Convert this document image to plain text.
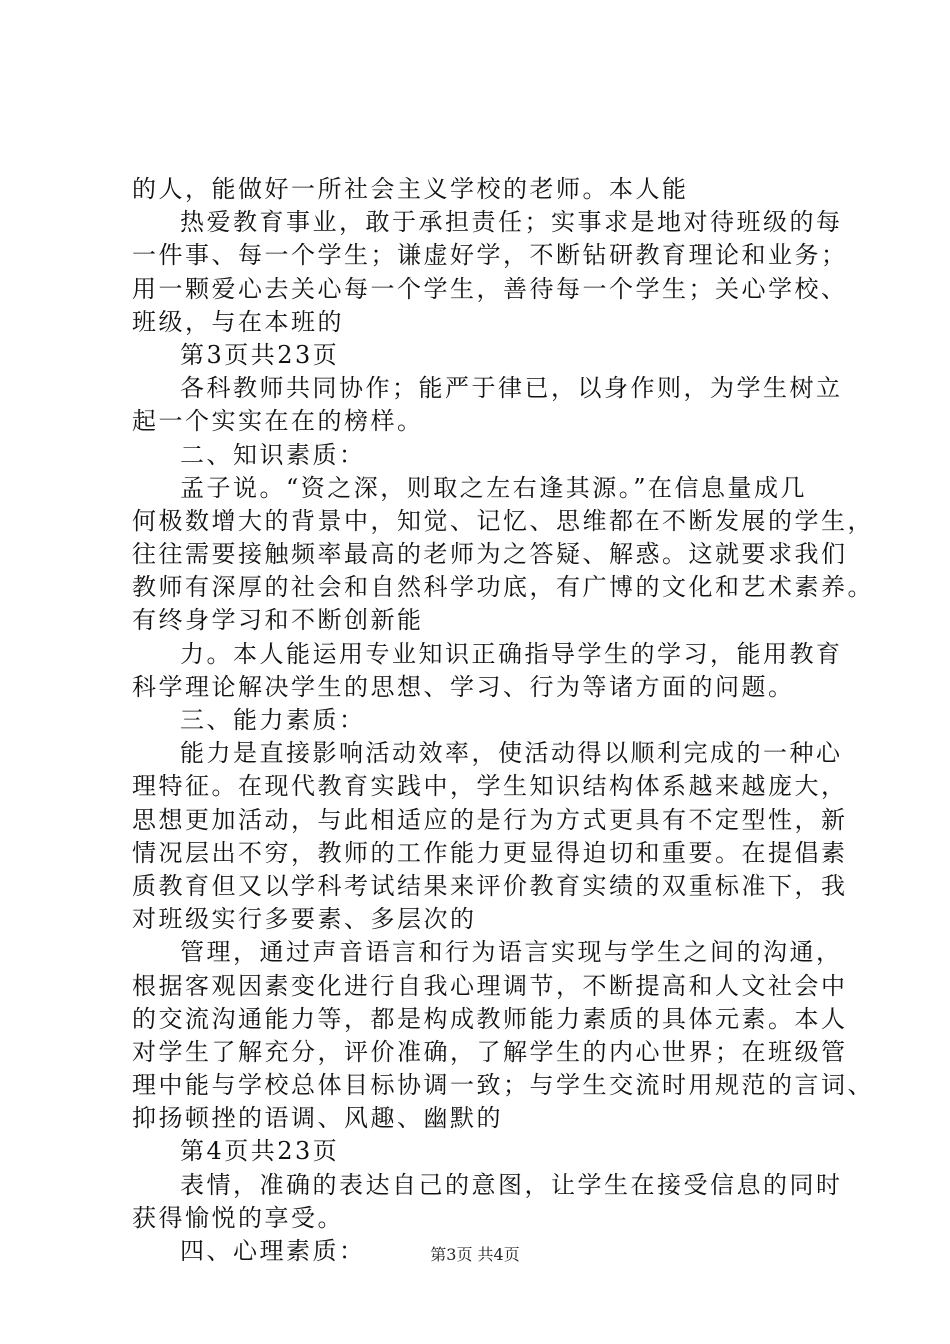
的人，能做好一所社会主义学校的老师。本人能
热爱教育事业，敢于承担责任；实事求是地对待班级的每
一件事、每一个学生；谦虚好学，不断钻研教育理论和业务；
用一颗爱心去关心每一个学生，善待每一个学生；关心学校、
班级，与在本班的
第3页共23页
各科教师共同协作；能严于律已，以身作则，为学生树立
起一个实实在在的榜样。
二、知识素质：
孟子说。“资之深，则取之左右逢其源。”在信息量成几
何极数增大的背景中，知觉、记忆、思维都在不断发展的学生，
往往需要接触频率最高的老师为之答疑、解惑。这就要求我们
教师有深厚的社会和自然科学功底，有广博的文化和艺术素养。
有终身学习和不断创新能
力。本人能运用专业知识正确指导学生的学习，能用教育
科学理论解决学生的思想、学习、行为等诸方面的问题。
三、能力素质：
能力是直接影响活动效率，使活动得以顺利完成的一种心
理特征。在现代教育实践中，学生知识结构体系越来越庞大，
思想更加活动，与此相适应的是行为方式更具有不定型性，新
情况层出不穷，教师的工作能力更显得迫切和重要。在提倡素
质教育但又以学科考试结果来评价教育实绩的双重标准下，我
对班级实行多要素、多层次的
管理，通过声音语言和行为语言实现与学生之间的沟通，
根据客观因素变化进行自我心理调节，不断提高和人文社会中
的交流沟通能力等，都是构成教师能力素质的具体元素。本人
对学生了解充分，评价准确，了解学生的内心世界；在班级管
理中能与学校总体目标协调一致；与学生交流时用规范的言词、
抑扬顿挫的语调、风趣、幽默的
第4页共23页
表情，准确的表达自己的意图，让学生在接受信息的同时
获得愉悦的享受。
四、心理素质：	第3页 共4页
